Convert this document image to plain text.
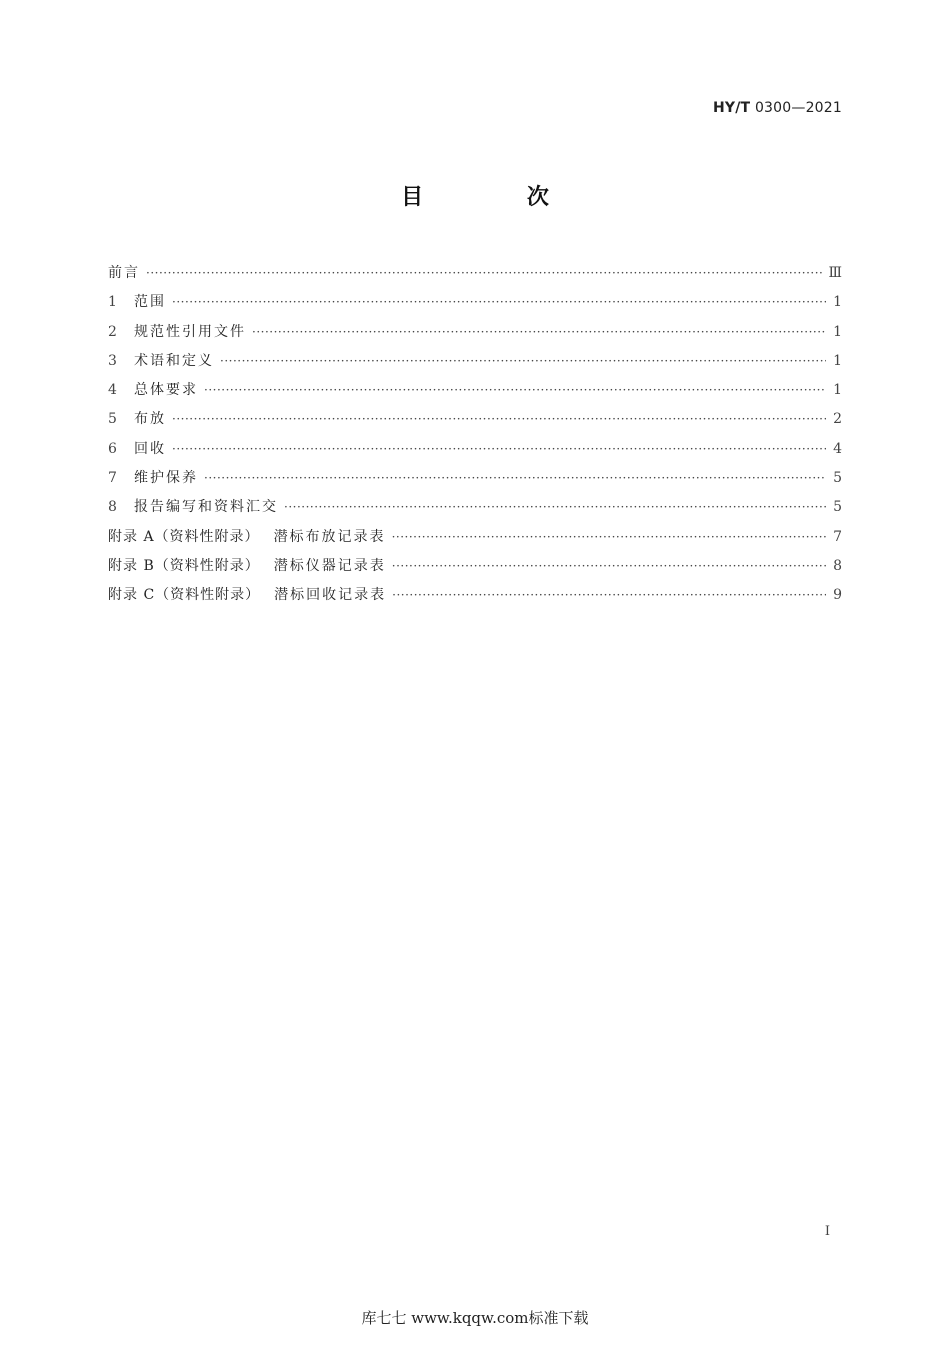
HY/T 0300—2021
目 次
前言 ·····	Ⅲ
1	范围 ·····	1
2	规范性引用文件 ·····	1
3	术语和定义 ·····	1
4	总体要求 ·····	1
5	布放 ·····	2
6	回收 ·····	4
7	维护保养 ·····	5
8	报告编写和资料汇交 ·····	5
附录 A（资料性附录） 潜标布放记录表 ·····	7
附录 B（资料性附录） 潜标仪器记录表 ·····	8
附录 C（资料性附录） 潜标回收记录表 ·····	9
I
库七七 www.kqqw.com标准下载
